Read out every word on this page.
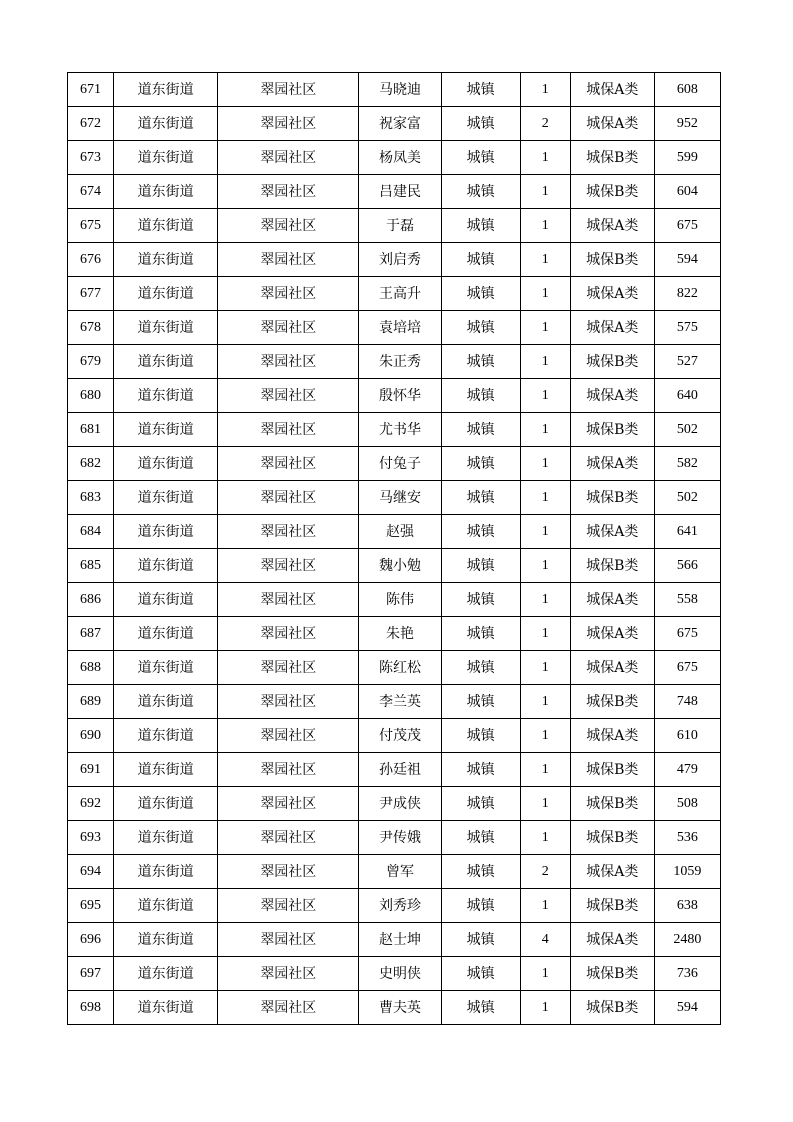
671	道东街道	翠园社区	马晓迪	城镇	1	城保A类	608
672	道东街道	翠园社区	祝家富	城镇	2	城保A类	952
673	道东街道	翠园社区	杨凤美	城镇	1	城保B类	599
674	道东街道	翠园社区	吕建民	城镇	1	城保B类	604
675	道东街道	翠园社区	于磊	城镇	1	城保A类	675
676	道东街道	翠园社区	刘启秀	城镇	1	城保B类	594
677	道东街道	翠园社区	王高升	城镇	1	城保A类	822
678	道东街道	翠园社区	袁培培	城镇	1	城保A类	575
679	道东街道	翠园社区	朱正秀	城镇	1	城保B类	527
680	道东街道	翠园社区	殷怀华	城镇	1	城保A类	640
681	道东街道	翠园社区	尤书华	城镇	1	城保B类	502
682	道东街道	翠园社区	付兔子	城镇	1	城保A类	582
683	道东街道	翠园社区	马继安	城镇	1	城保B类	502
684	道东街道	翠园社区	赵强	城镇	1	城保A类	641
685	道东街道	翠园社区	魏小勉	城镇	1	城保B类	566
686	道东街道	翠园社区	陈伟	城镇	1	城保A类	558
687	道东街道	翠园社区	朱艳	城镇	1	城保A类	675
688	道东街道	翠园社区	陈红松	城镇	1	城保A类	675
689	道东街道	翠园社区	李兰英	城镇	1	城保B类	748
690	道东街道	翠园社区	付茂茂	城镇	1	城保A类	610
691	道东街道	翠园社区	孙廷祖	城镇	1	城保B类	479
692	道东街道	翠园社区	尹成侠	城镇	1	城保B类	508
693	道东街道	翠园社区	尹传娥	城镇	1	城保B类	536
694	道东街道	翠园社区	曾军	城镇	2	城保A类	1059
695	道东街道	翠园社区	刘秀珍	城镇	1	城保B类	638
696	道东街道	翠园社区	赵士坤	城镇	4	城保A类	2480
697	道东街道	翠园社区	史明侠	城镇	1	城保B类	736
698	道东街道	翠园社区	曹夫英	城镇	1	城保B类	594
